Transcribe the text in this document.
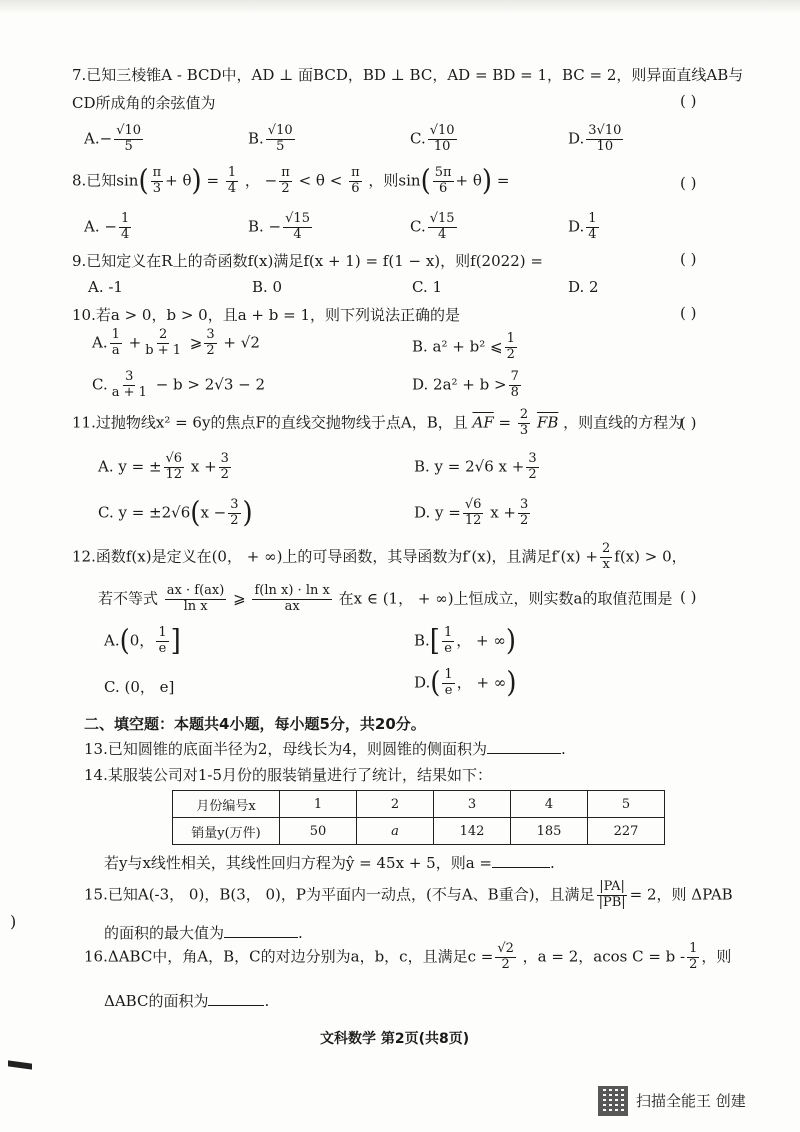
7.已知三棱锥A - BCD中，AD ⊥ 面BCD，BD ⊥ BC，AD = BD = 1，BC = 2，则异面直线AB与
CD所成角的余弦值为	( )
$A.- \frac{√10}{5}$	B. $\frac{√10}{5}$	C. $\frac{√10}{10}$	D. $\frac{3√10}{10}$
8.已知$\sin( \frac{\pi}{3} + \theta) = \frac{1}{4}$ ， − $\frac{\pi}{2} < \theta < \frac{\pi}{6}$ ，则$\sin( \frac{5\pi}{6} + \theta)$ =	( )
A. − $\frac{1}{4}$	B. − $\frac{√15}{4}$	C. $\frac{√15}{4}$	D. $\frac{1}{4}$
9.已知定义在R上的奇函数f(x)满足f(x + 1) = f(1 − x)，则f(2022) =	( )
A. -1	B. 0	C. 1	D. 2
10.若a > 0，b > 0，且a + b = 1，则下列说法正确的是	( )
A. $\frac{1}{a} + \frac{2}{b + 1}$ ⩾ $\frac{3}{2} + √2$	B. a² + b² ⩽ $\frac{1}{2}$
C. $\frac{3}{a + 1} - b > 2√3 - 2$	D. $2a^2 + b > \frac{7}{8}$
11.过抛物线x² = 6y的焦点F的直线交抛物线于点A，B，且 $\overline{AF} = \frac{2}{3} \overline{FB}$ ，则直线的方程为
( )
A. y = ± $\frac{√6}{12}$ $x + \frac{3}{2}$	B. y = 2√6 $x + \frac{3}{2}$
C. $y = \pm 2√6(x - \frac{3}{2}$ )	D. $y = \frac{√6}{12}$ $x + \frac{3}{2}$
12.函数f(x)是定义在(0， + ∞)上的可导函数，其导函数为f′(x)，且满足$f'(x) + \frac{2}{x} f(x) > 0$，
若不等式 $\frac{ax \cdot f(ax)}{\text{ln x}}$ ⩾ $\frac{\text{f(ln x) · ln x}}{ax}$ 在x ∈ (1， + ∞)上恒成立，则实数a的取值范围是 ( )
A.(0， $\frac{1}{e}$ ]	$B.[ \frac{1}{e}$ ， + ∞)
C. (0， e]	$D.( \frac{1}{e}$ ， + ∞)
二、填空题：本题共4小题，每小题5分，共20分。
13.已知圆锥的底面半径为2，母线长为4，则圆锥的侧面积为	.
14.某服装公司对1-5月份的服装销量进行了统计，结果如下：
月份编号x	1	2	3	4	5
销量y(万件)	50	a	142	185	227
若y与x线性相关，其线性回归方程为ŷ = 45x + 5，则a =	.
15.已知A(-3， 0)，B(3， 0)，P为平面内一动点，(不与A、B重合)，且满足 $\frac{|PA|}{|PB|} = 2$，则 ΔPAB
的面积的最大值为	.
16.ΔABC中，角A，B，C的对边分别为a，b，c，且满足$c = \frac{√2}{2}$ ，a = 2，acos $C = b - \frac{1}{2}$ ，则
ΔABC的面积为	.
文科数学 第2页(共8页)
扫描全能王 创建
)
